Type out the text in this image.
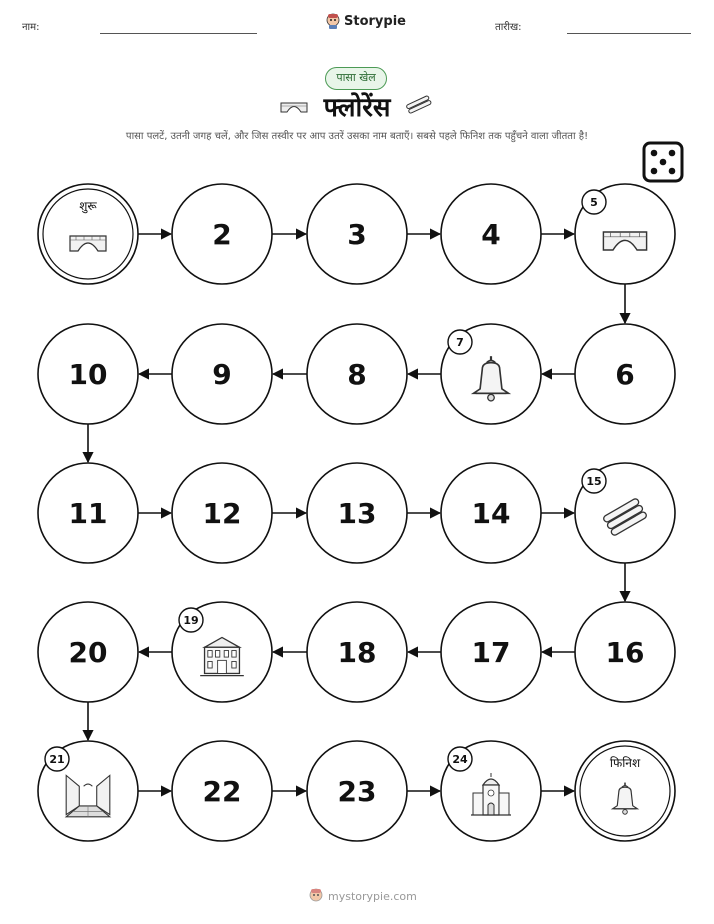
नाम:	Storypie	तारीख:
पासा खेल
फ्लोरेंस
पासा पलटें, उतनी जगह चलें, और जिस तस्वीर पर आप उतरें उसका नाम बताएँ। सबसे पहले फिनिश तक पहुँचने वाला जीतता है!
शुरू
2	3	4
5
6
7
8
9
10
11	12	13	14
15
16
17
18
19
20
21
22	23
24	फिनिश
mystorypie.com
